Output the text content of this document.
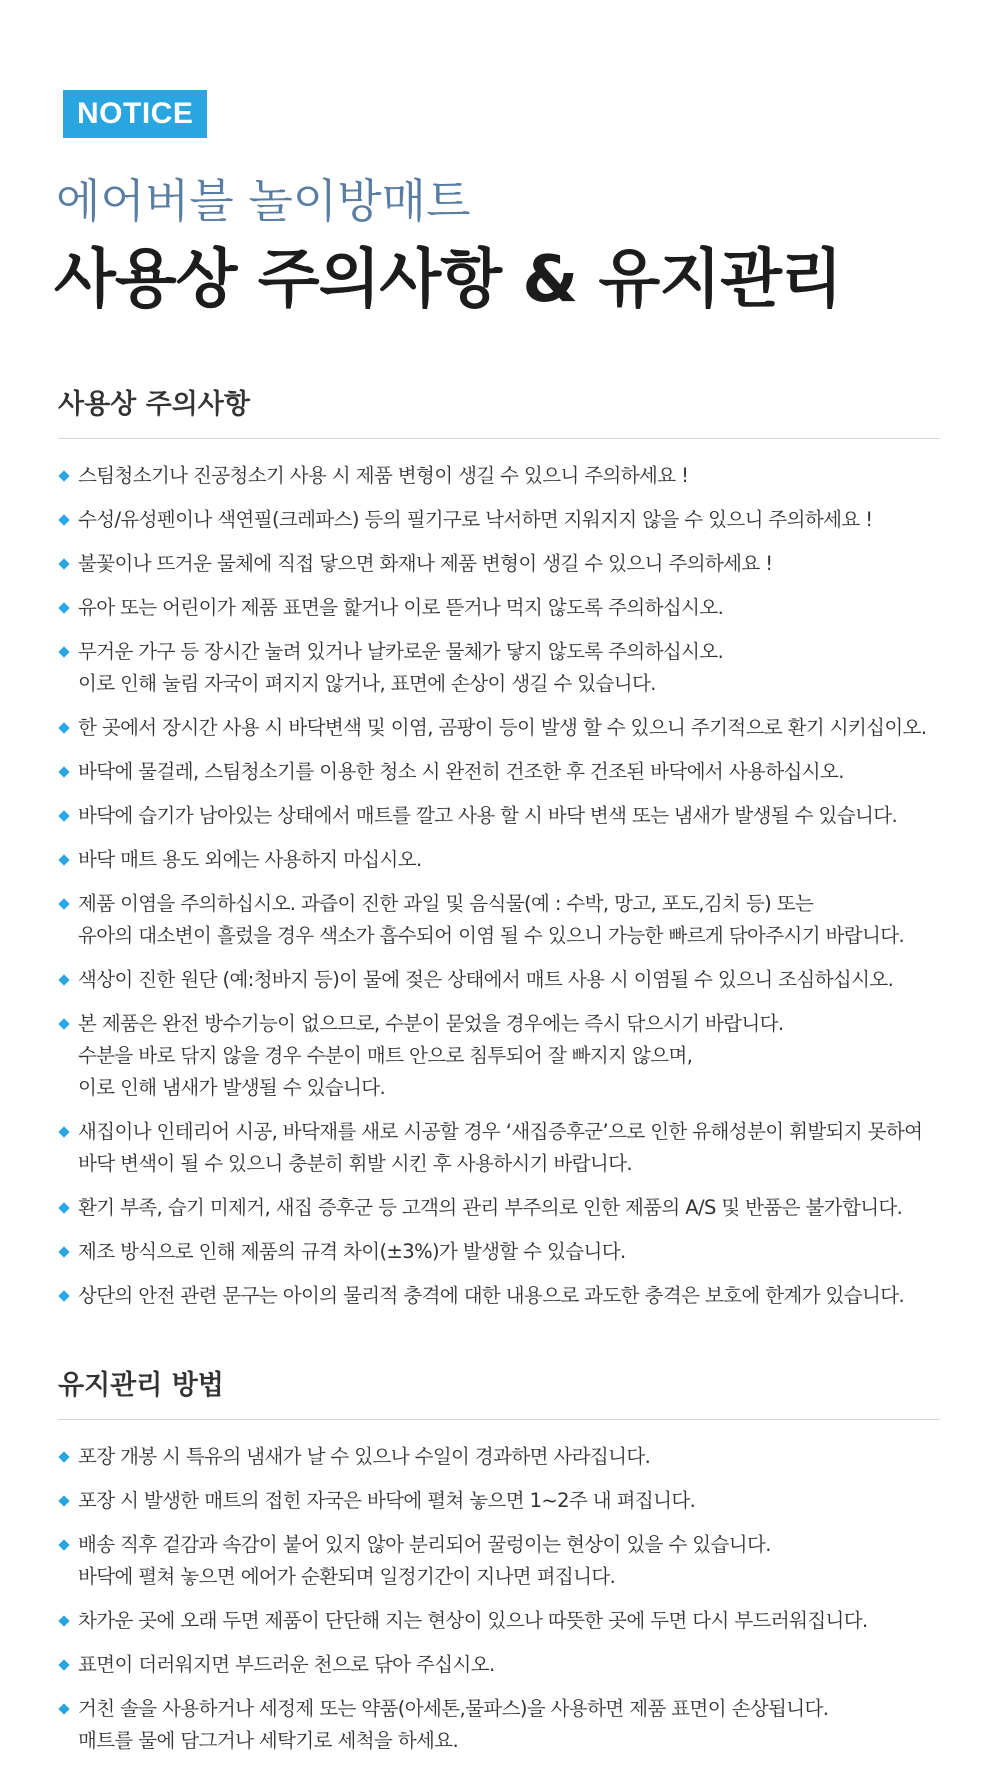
NOTICE
에어버블 놀이방매트
사용상 주의사항 & 유지관리
사용상 주의사항
스팀청소기나 진공청소기 사용 시 제품 변형이 생길 수 있으니 주의하세요 !
수성/유성펜이나 색연필(크레파스) 등의 필기구로 낙서하면 지워지지 않을 수 있으니 주의하세요 !
불꽃이나 뜨거운 물체에 직접 닿으면 화재나 제품 변형이 생길 수 있으니 주의하세요 !
유아 또는 어린이가 제품 표면을 핥거나 이로 뜯거나 먹지 않도록 주의하십시오.
무거운 가구 등 장시간 눌려 있거나 날카로운 물체가 닿지 않도록 주의하십시오.
이로 인해 눌림 자국이 펴지지 않거나, 표면에 손상이 생길 수 있습니다.
한 곳에서 장시간 사용 시 바닥변색 및 이염, 곰팡이 등이 발생 할 수 있으니 주기적으로 환기 시키십이오.
바닥에 물걸레, 스팀청소기를 이용한 청소 시 완전히 건조한 후 건조된 바닥에서 사용하십시오.
바닥에 습기가 남아있는 상태에서 매트를 깔고 사용 할 시 바닥 변색 또는 냄새가 발생될 수 있습니다.
바닥 매트 용도 외에는 사용하지 마십시오.
제품 이염을 주의하십시오. 과즙이 진한 과일 및 음식물(예 : 수박, 망고, 포도,김치 등) 또는
유아의 대소변이 흘렀을 경우 색소가 흡수되어 이염 될 수 있으니 가능한 빠르게 닦아주시기 바랍니다.
색상이 진한 원단 (예:청바지 등)이 물에 젖은 상태에서 매트 사용 시 이염될 수 있으니 조심하십시오.
본 제품은 완전 방수기능이 없으므로, 수분이 묻었을 경우에는 즉시 닦으시기 바랍니다.
수분을 바로 닦지 않을 경우 수분이 매트 안으로 침투되어 잘 빠지지 않으며,
이로 인해 냄새가 발생될 수 있습니다.
새집이나 인테리어 시공, 바닥재를 새로 시공할 경우 ‘새집증후군’으로 인한 유해성분이 휘발되지 못하여
바닥 변색이 될 수 있으니 충분히 휘발 시킨 후 사용하시기 바랍니다.
환기 부족, 습기 미제거, 새집 증후군 등 고객의 관리 부주의로 인한 제품의 A/S 및 반품은 불가합니다.
제조 방식으로 인해 제품의 규격 차이(±3%)가 발생할 수 있습니다.
상단의 안전 관련 문구는 아이의 물리적 충격에 대한 내용으로 과도한 충격은 보호에 한계가 있습니다.
유지관리 방법
포장 개봉 시 특유의 냄새가 날 수 있으나 수일이 경과하면 사라집니다.
포장 시 발생한 매트의 접힌 자국은 바닥에 펼쳐 놓으면 1~2주 내 펴집니다.
배송 직후 겉감과 속감이 붙어 있지 않아 분리되어 꿀렁이는 현상이 있을 수 있습니다.
바닥에 펼쳐 놓으면 에어가 순환되며 일정기간이 지나면 펴집니다.
차가운 곳에 오래 두면 제품이 단단해 지는 현상이 있으나 따뜻한 곳에 두면 다시 부드러워집니다.
표면이 더러워지면 부드러운 천으로 닦아 주십시오.
거친 솔을 사용하거나 세정제 또는 약품(아세톤,물파스)을 사용하면 제품 표면이 손상됩니다.
매트를 물에 담그거나 세탁기로 세척을 하세요.
